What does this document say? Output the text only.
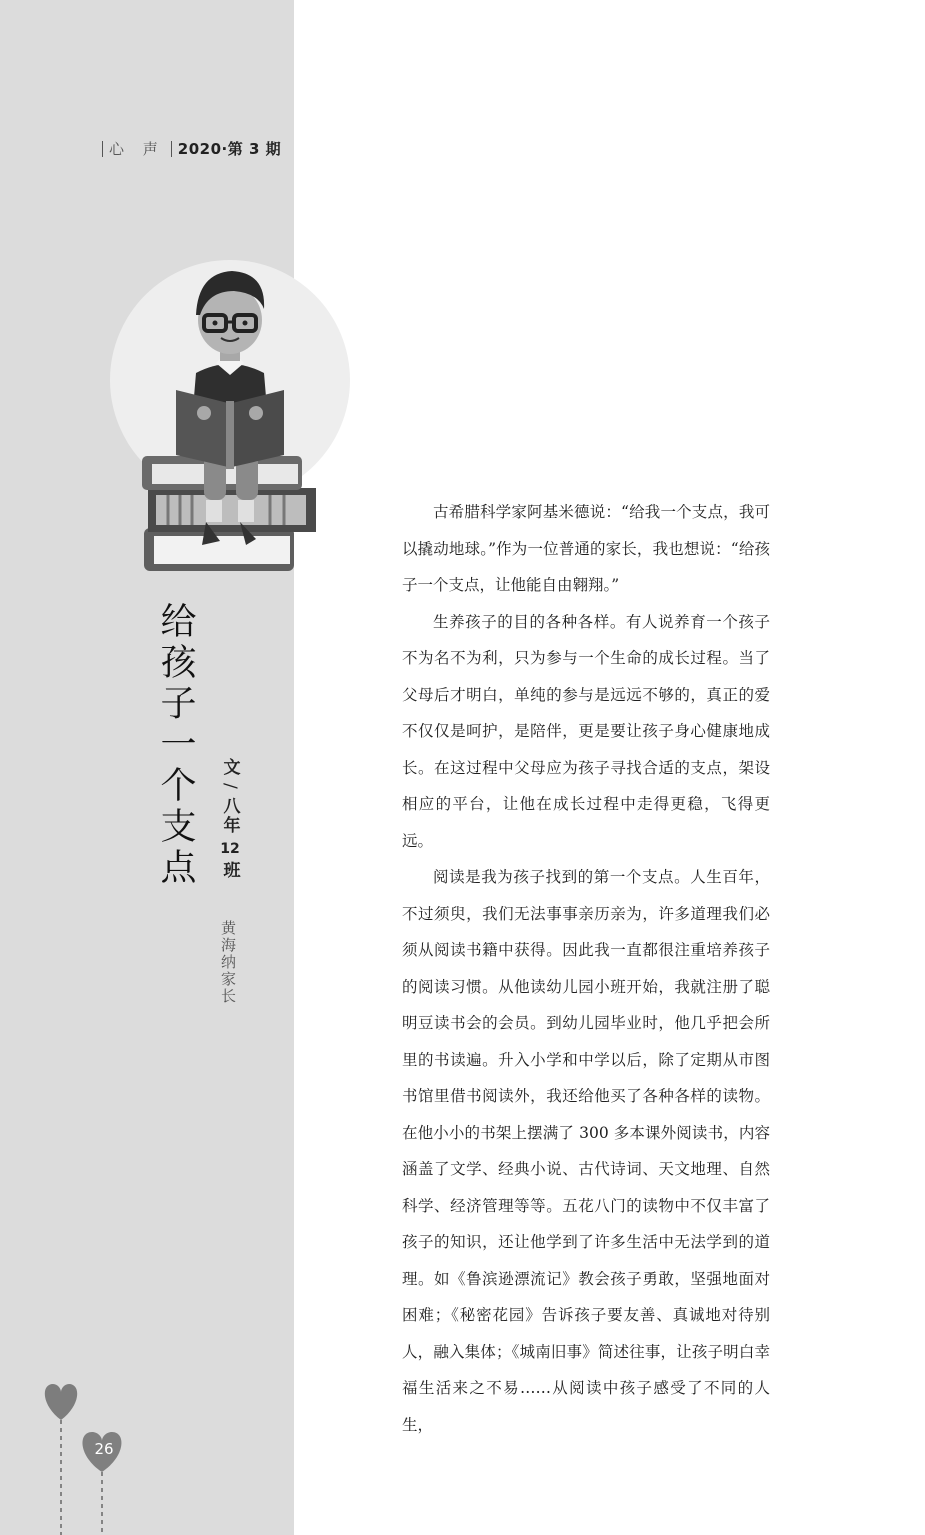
心 声 2020·第 3 期
给孩子一个支点 文
/
八年
12
班
黄海纳家长
26

古希腊科学家阿基米德说：“给我一个支点，我可以撬动地球。”作为一位普通的家长，我也想说：“给孩子一个支点，让他能自由翱翔。”

生养孩子的目的各种各样。有人说养育一个孩子不为名不为利，只为参与一个生命的成长过程。当了父母后才明白，单纯的参与是远远不够的，真正的爱不仅仅是呵护，是陪伴，更是要让孩子身心健康地成长。在这过程中父母应为孩子寻找合适的支点，架设相应的平台，让他在成长过程中走得更稳，飞得更远。

阅读是我为孩子找到的第一个支点。人生百年，不过须臾，我们无法事事亲历亲为，许多道理我们必须从阅读书籍中获得。因此我一直都很注重培养孩子的阅读习惯。从他读幼儿园小班开始，我就注册了聪明豆读书会的会员。到幼儿园毕业时，他几乎把会所里的书读遍。升入小学和中学以后，除了定期从市图书馆里借书阅读外，我还给他买了各种各样的读物。在他小小的书架上摆满了 300 多本课外阅读书，内容涵盖了文学、经典小说、古代诗词、天文地理、自然科学、经济管理等等。五花八门的读物中不仅丰富了孩子的知识，还让他学到了许多生活中无法学到的道理。如《鲁滨逊漂流记》教会孩子勇敢，坚强地面对困难；《秘密花园》告诉孩子要友善、真诚地对待别人，融入集体；《城南旧事》简述往事，让孩子明白幸福生活来之不易……从阅读中孩子感受了不同的人生，
